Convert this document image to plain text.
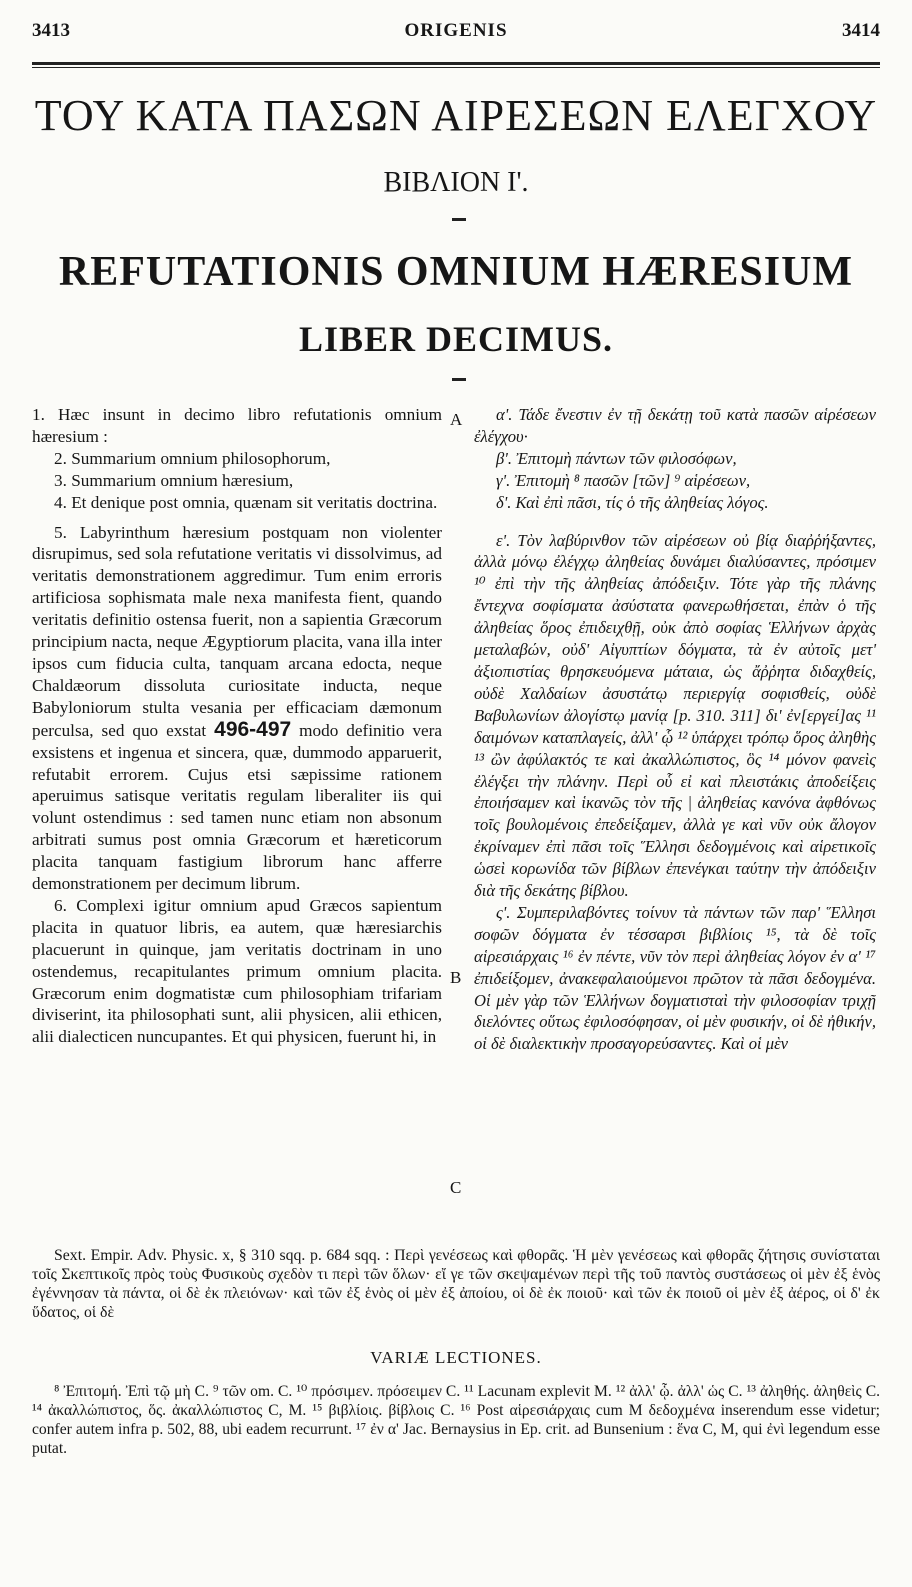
3413	ORIGENIS	3414
ΤΟΥ ΚΑΤΑ ΠΑΣΩΝ ΑΙΡΕΣΕΩΝ ΕΛΕΓΧΟΥ
ΒΙΒΛΙΟΝ Ι'.
REFUTATIONIS OMNIUM HÆRESIUM
LIBER DECIMUS.

1. Hæc insunt in decimo libro refutationis omnium hæresium :

2. Summarium omnium philosophorum,

3. Summarium omnium hæresium,

4. Et denique post omnia, quænam sit veritatis doctrina.

5. Labyrinthum hæresium postquam non violenter disrupimus, sed sola refutatione veritatis vi dissolvimus, ad veritatis demonstrationem aggredimur. Tum enim erroris artificiosa sophismata male nexa manifesta fient, quando veritatis definitio ostensa fuerit, non a sapientia Græcorum principium nacta, neque Ægyptiorum placita, vana illa inter ipsos cum fiducia culta, tanquam arcana edocta, neque Chaldæorum dissoluta curiositate inducta, neque Babyloniorum stulta vesania per efficaciam dæmonum perculsa, sed quo exstat 496-497 modo definitio vera exsistens et ingenua et sincera, quæ, dummodo apparuerit, refutabit errorem. Cujus etsi sæpissime rationem aperuimus satisque veritatis regulam liberaliter iis qui volunt ostendimus : sed tamen nunc etiam non absonum arbitrati sumus post omnia Græcorum et hæreticorum placita tanquam fastigium librorum hanc afferre demonstrationem per decimum librum.

6. Complexi igitur omnium apud Græcos sapientum placita in quatuor libris, ea autem, quæ hæresiarchis placuerunt in quinque, jam veritatis doctrinam in uno ostendemus, recapitulantes primum omnium placita. Græcorum enim dogmatistæ cum philosophiam trifariam diviserint, ita philosophati sunt, alii physicen, alii ethicen, alii dialecticen nuncupantes. Et qui physicen, fuerunt hi, in

A
B
C

α'. Τάδε ἔνεστιν ἐν τῇ δεκάτῃ τοῦ κατὰ πασῶν αἱρέσεων ἐλέγχου·

β'. Ἐπιτομὴ πάντων τῶν φιλοσόφων,

γ'. Ἐπιτομὴ ⁸ πασῶν [τῶν] ⁹ αἱρέσεων,

δ'. Καὶ ἐπὶ πᾶσι, τίς ὁ τῆς ἀληθείας λόγος.

ε'. Τὸν λαβύρινθον τῶν αἱρέσεων οὐ βίᾳ διαῤῥήξαντες, ἀλλὰ μόνῳ ἐλέγχῳ ἀληθείας δυνάμει διαλύσαντες, πρόσιμεν ¹⁰ ἐπὶ τὴν τῆς ἀληθείας ἀπόδειξιν. Τότε γὰρ τῆς πλάνης ἔντεχνα σοφίσματα ἀσύστατα φανερωθήσεται, ἐπὰν ὁ τῆς ἀληθείας ὅρος ἐπιδειχθῇ, οὐκ ἀπὸ σοφίας Ἑλλήνων ἀρχὰς μεταλαβών, οὐδ' Αἰγυπτίων δόγματα, τὰ ἐν αὐτοῖς μετ' ἀξιοπιστίας θρησκευόμενα μάταια, ὡς ἄῤῥητα διδαχθείς, οὐδὲ Χαλδαίων ἀσυστάτῳ περιεργίᾳ σοφισθείς, οὐδὲ Βαβυλωνίων ἀλογίστῳ μανίᾳ [p. 310. 311] δι' ἐν[εργεί]ας ¹¹ δαιμόνων καταπλαγείς, ἀλλ' ᾧ ¹² ὑπάρχει τρόπῳ ὅρος ἀληθὴς ¹³ ὢν ἀφύλακτός τε καὶ ἀκαλλώπιστος, ὃς ¹⁴ μόνον φανεὶς ἐλέγξει τὴν πλάνην. Περὶ οὗ εἰ καὶ πλειστάκις ἀποδείξεις ἐποιήσαμεν καὶ ἱκανῶς τὸν τῆς | ἀληθείας κανόνα ἀφθόνως τοῖς βουλομένοις ἐπεδείξαμεν, ἀλλὰ γε καὶ νῦν οὐκ ἄλογον ἐκρίναμεν ἐπὶ πᾶσι τοῖς Ἕλλησι δεδογμένοις καὶ αἱρετικοῖς ὡσεὶ κορωνίδα τῶν βίβλων ἐπενέγκαι ταύτην τὴν ἀπόδειξιν διὰ τῆς δεκάτης βίβλου.

ς'. Συμπεριλαβόντες τοίνυν τὰ πάντων τῶν παρ' Ἕλλησι σοφῶν δόγματα ἐν τέσσαρσι βιβλίοις ¹⁵, τὰ δὲ τοῖς αἱρεσιάρχαις ¹⁶ ἐν πέντε, νῦν τὸν περὶ ἀληθείας λόγον ἐν α' ¹⁷ ἐπιδείξομεν, ἀνακεφαλαιούμενοι πρῶτον τὰ πᾶσι δεδογμένα. Οἱ μὲν γὰρ τῶν Ἑλλήνων δογματισταὶ τὴν φιλοσοφίαν τριχῇ διελόντες οὕτως ἐφιλοσόφησαν, οἱ μὲν φυσικήν, οἱ δὲ ἠθικήν, οἱ δὲ διαλεκτικὴν προσαγορεύσαντες. Καὶ οἱ μὲν

Sext. Empir. Adv. Physic. x, § 310 sqq. p. 684 sqq. : Περὶ γενέσεως καὶ φθορᾶς. Ἡ μὲν γενέσεως καὶ φθορᾶς ζήτησις συνίσταται τοῖς Σκεπτικοῖς πρὸς τοὺς Φυσικοὺς σχεδὸν τι περὶ τῶν ὅλων· εἴ γε τῶν σκεψαμένων περὶ τῆς τοῦ παντὸς συστάσεως οἱ μὲν ἐξ ἑνὸς ἐγέννησαν τὰ πάντα, οἱ δὲ ἐκ πλειόνων· καὶ τῶν ἐξ ἑνὸς οἱ μὲν ἐξ ἀποίου, οἱ δὲ ἐκ ποιοῦ· καὶ τῶν ἐκ ποιοῦ οἱ μὲν ἐξ ἀέρος, οἱ δ' ἐκ ὕδατος, οἱ δὲ

VARIÆ LECTIONES.

⁸ Ἐπιτομή. Ἐπὶ τῷ μὴ C. ⁹ τῶν om. C. ¹⁰ πρόσιμεν. πρόσειμεν C. ¹¹ Lacunam explevit M. ¹² ἀλλ' ᾧ. ἀλλ' ὡς C. ¹³ ἀληθής. ἀληθεὶς C. ¹⁴ ἀκαλλώπιστος, ὅς. ἀκαλλώπιστος C, M. ¹⁵ βιβλίοις. βίβλοις C. ¹⁶ Post αἱρεσιάρχαις cum M δεδοχμένα inserendum esse videtur; confer autem infra p. 502, 88, ubi eadem recurrunt. ¹⁷ ἐν α' Jac. Bernaysius in Ep. crit. ad Bunsenium : ἕνα C, M, qui ἐνὶ legendum esse putat.
